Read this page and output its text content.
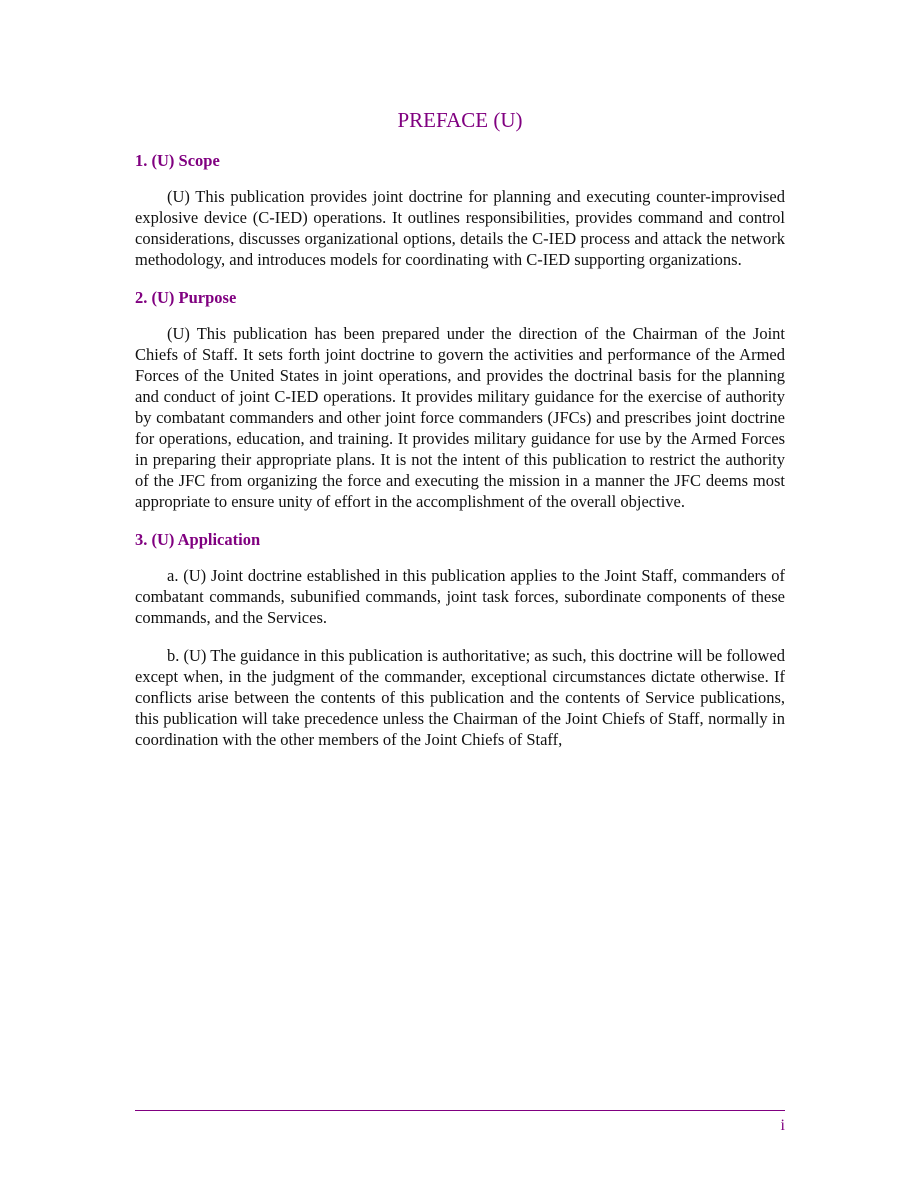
PREFACE (U)
1. (U) Scope

(U) This publication provides joint doctrine for planning and executing counter-improvised explosive device (C-IED) operations. It outlines responsibilities, provides command and control considerations, discusses organizational options, details the C-IED process and attack the network methodology, and introduces models for coordinating with C-IED supporting organizations.

2. (U) Purpose

(U) This publication has been prepared under the direction of the Chairman of the Joint Chiefs of Staff. It sets forth joint doctrine to govern the activities and performance of the Armed Forces of the United States in joint operations, and provides the doctrinal basis for the planning and conduct of joint C-IED operations. It provides military guidance for the exercise of authority by combatant commanders and other joint force commanders (JFCs) and prescribes joint doctrine for operations, education, and training. It provides military guidance for use by the Armed Forces in preparing their appropriate plans. It is not the intent of this publication to restrict the authority of the JFC from organizing the force and executing the mission in a manner the JFC deems most appropriate to ensure unity of effort in the accomplishment of the overall objective.

3. (U) Application

a. (U) Joint doctrine established in this publication applies to the Joint Staff, commanders of combatant commands, subunified commands, joint task forces, subordinate components of these commands, and the Services.

b. (U) The guidance in this publication is authoritative; as such, this doctrine will be followed except when, in the judgment of the commander, exceptional circumstances dictate otherwise. If conflicts arise between the contents of this publication and the contents of Service publications, this publication will take precedence unless the Chairman of the Joint Chiefs of Staff, normally in coordination with the other members of the Joint Chiefs of Staff,

i
